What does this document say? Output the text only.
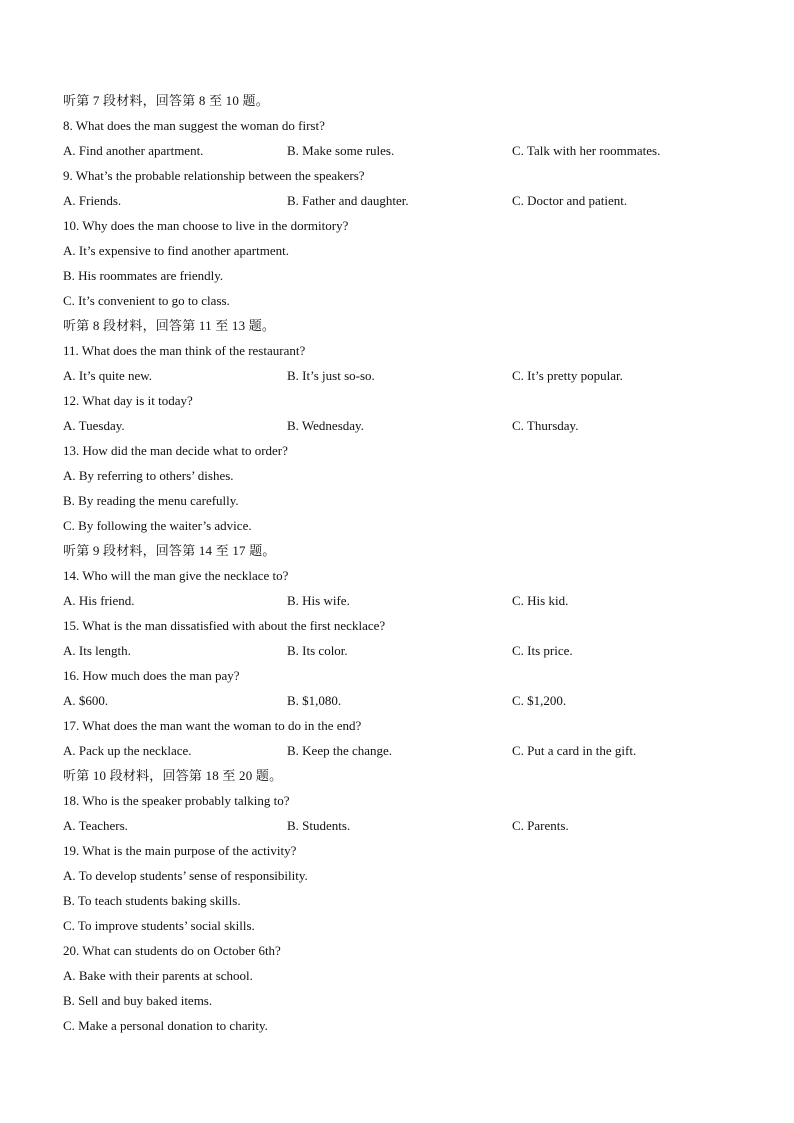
听第 7 段材料，回答第 8 至 10 题。
8. What does the man suggest the woman do first?
A. Find another apartment.	B. Make some rules.	C. Talk with her roommates.
9. What’s the probable relationship between the speakers?
A. Friends.	B. Father and daughter.	C. Doctor and patient.
10. Why does the man choose to live in the dormitory?
A. It’s expensive to find another apartment.
B. His roommates are friendly.
C. It’s convenient to go to class.
听第 8 段材料，回答第 11 至 13 题。
11. What does the man think of the restaurant?
A. It’s quite new.	B. It’s just so-so.	C. It’s pretty popular.
12. What day is it today?
A. Tuesday.	B. Wednesday.	C. Thursday.
13. How did the man decide what to order?
A. By referring to others’ dishes.
B. By reading the menu carefully.
C. By following the waiter’s advice.
听第 9 段材料，回答第 14 至 17 题。
14. Who will the man give the necklace to?
A. His friend.	B. His wife.	C. His kid.
15. What is the man dissatisfied with about the first necklace?
A. Its length.	B. Its color.	C. Its price.
16. How much does the man pay?
A. $600.	B. $1,080.	C. $1,200.
17. What does the man want the woman to do in the end?
A. Pack up the necklace.	B. Keep the change.	C. Put a card in the gift.
听第 10 段材料，回答第 18 至 20 题。
18. Who is the speaker probably talking to?
A. Teachers.	B. Students.	C. Parents.
19. What is the main purpose of the activity?
A. To develop students’ sense of responsibility.
B. To teach students baking skills.
C. To improve students’ social skills.
20. What can students do on October 6th?
A. Bake with their parents at school.
B. Sell and buy baked items.
C. Make a personal donation to charity.
